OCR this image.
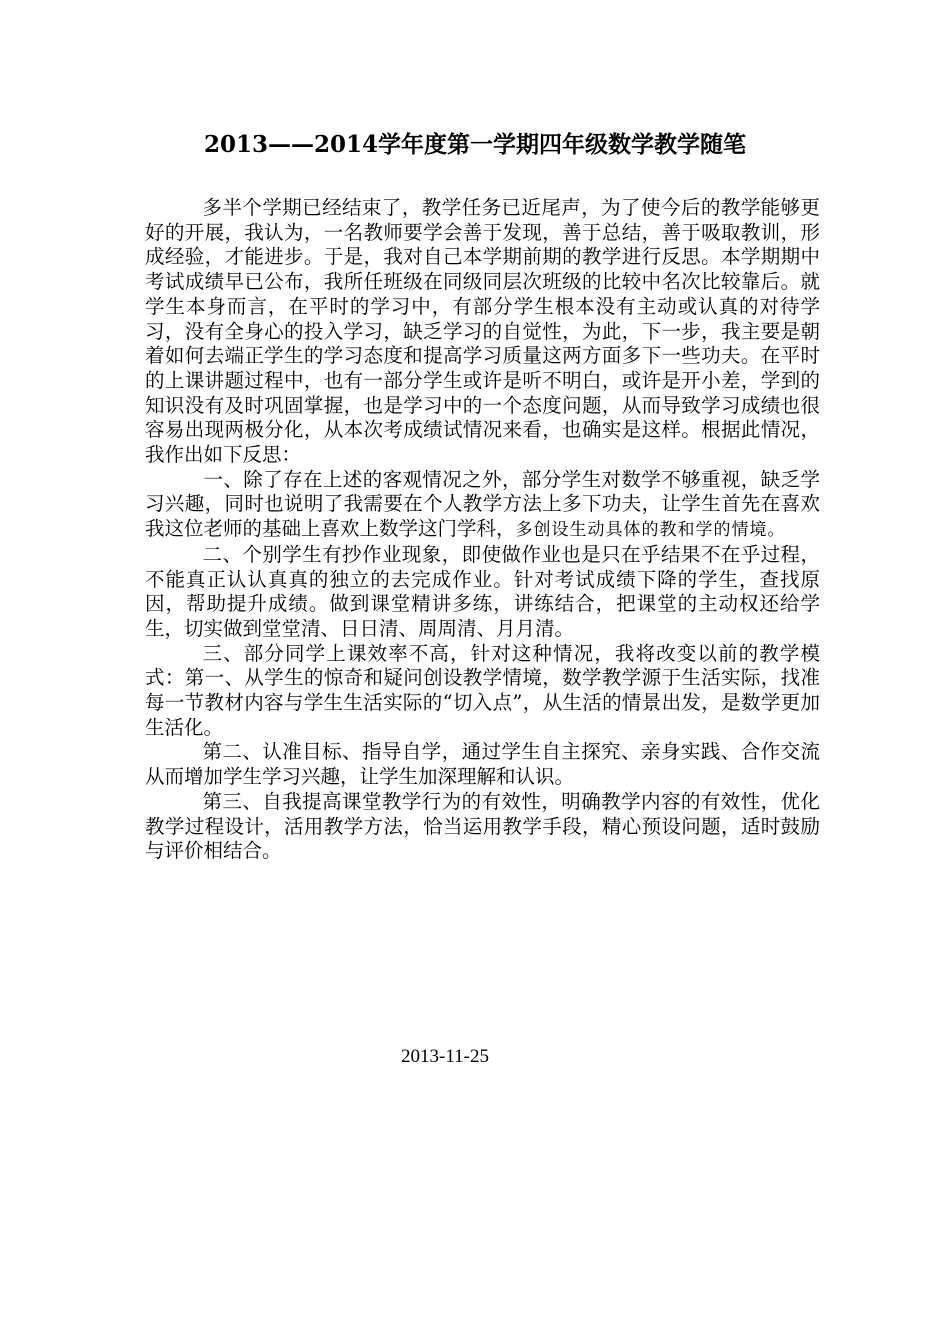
2013——2014学年度第一学期四年级数学教学随笔

多半个学期已经结束了，教学任务已近尾声，为了使今后的教学能够更好的开展，我认为，一名教师要学会善于发现，善于总结，善于吸取教训，形成经验，才能进步。于是，我对自己本学期前期的教学进行反思。本学期期中考试成绩早已公布，我所任班级在同级同层次班级的比较中名次比较靠后。就学生本身而言，在平时的学习中，有部分学生根本没有主动或认真的对待学习，没有全身心的投入学习，缺乏学习的自觉性，为此，下一步，我主要是朝着如何去端正学生的学习态度和提高学习质量这两方面多下一些功夫。在平时的上课讲题过程中，也有一部分学生或许是听不明白，或许是开小差，学到的知识没有及时巩固掌握，也是学习中的一个态度问题，从而导致学习成绩也很容易出现两极分化，从本次考成绩试情况来看，也确实是这样。根据此情况，我作出如下反思：

一、除了存在上述的客观情况之外，部分学生对数学不够重视，缺乏学习兴趣，同时也说明了我需要在个人教学方法上多下功夫，让学生首先在喜欢我这位老师的基础上喜欢上数学这门学科，多创设生动具体的教和学的情境。

二、个别学生有抄作业现象，即使做作业也是只在乎结果不在乎过程，不能真正认认真真的独立的去完成作业。针对考试成绩下降的学生，查找原因，帮助提升成绩。做到课堂精讲多练，讲练结合，把课堂的主动权还给学生，切实做到堂堂清、日日清、周周清、月月清。

三、部分同学上课效率不高，针对这种情况，我将改变以前的教学模式：第一、从学生的惊奇和疑问创设教学情境，数学教学源于生活实际，找准每一节教材内容与学生生活实际的“切入点”，从生活的情景出发，是数学更加生活化。

第二、认准目标、指导自学，通过学生自主探究、亲身实践、合作交流从而增加学生学习兴趣，让学生加深理解和认识。

第三、自我提高课堂教学行为的有效性，明确教学内容的有效性，优化教学过程设计，活用教学方法，恰当运用教学手段，精心预设问题，适时鼓励与评价相结合。

2013-11-25
